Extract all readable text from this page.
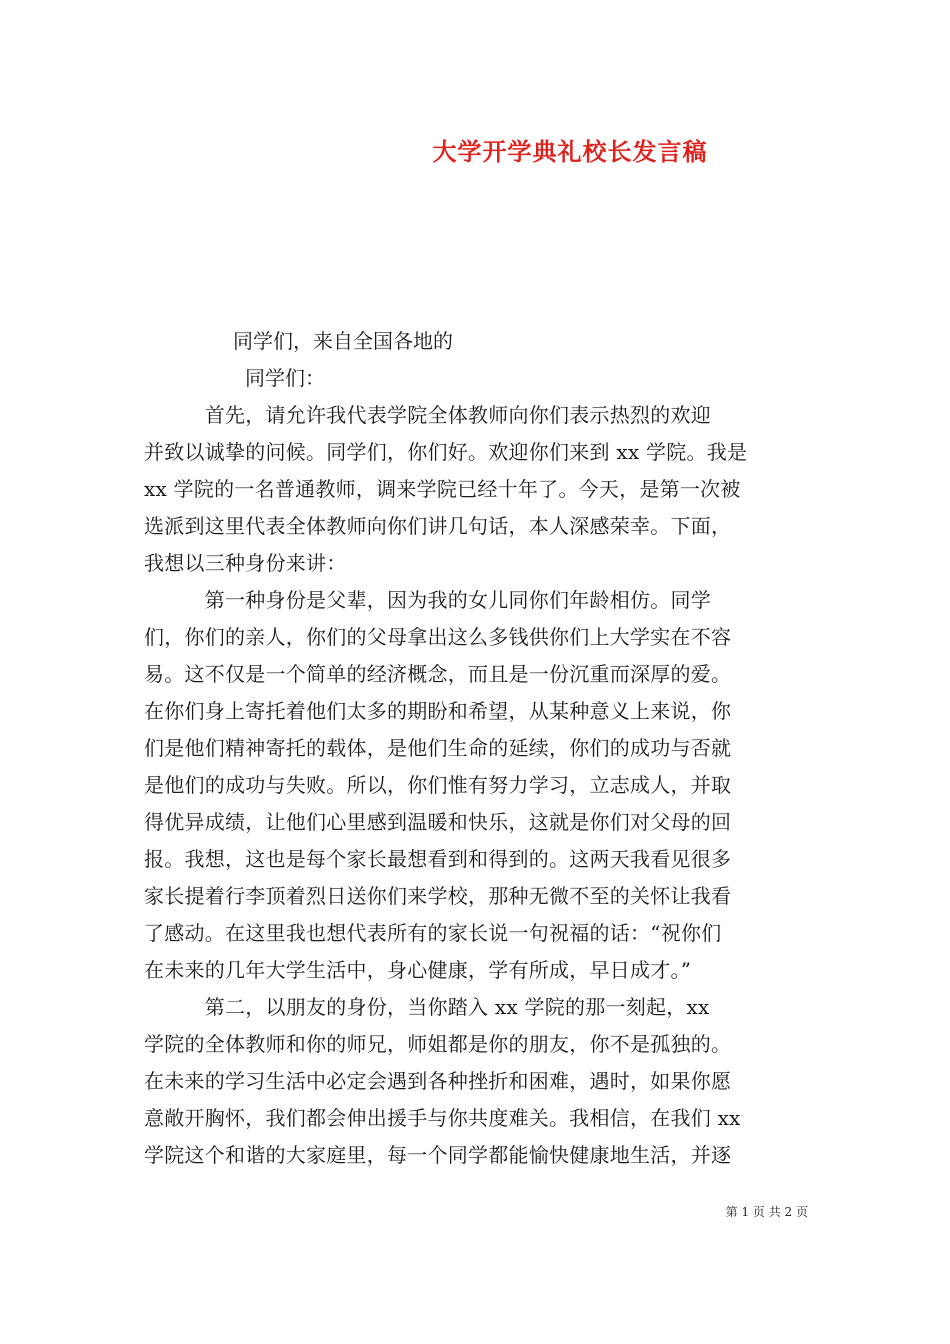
大学开学典礼校长发言稿
同学们，来自全国各地的
同学们：
　　　首先，请允许我代表学院全体教师向你们表示热烈的欢迎
并致以诚挚的问候。同学们，你们好。欢迎你们来到 xx 学院。我是
xx 学院的一名普通教师，调来学院已经十年了。今天，是第一次被
选派到这里代表全体教师向你们讲几句话，本人深感荣幸。下面，
我想以三种身份来讲：
　　　第一种身份是父辈，因为我的女儿同你们年龄相仿。同学
们，你们的亲人，你们的父母拿出这么多钱供你们上大学实在不容
易。这不仅是一个简单的经济概念，而且是一份沉重而深厚的爱。
在你们身上寄托着他们太多的期盼和希望，从某种意义上来说，你
们是他们精神寄托的载体，是他们生命的延续，你们的成功与否就
是他们的成功与失败。所以，你们惟有努力学习，立志成人，并取
得优异成绩，让他们心里感到温暖和快乐，这就是你们对父母的回
报。我想，这也是每个家长最想看到和得到的。这两天我看见很多
家长提着行李顶着烈日送你们来学校，那种无微不至的关怀让我看
了感动。在这里我也想代表所有的家长说一句祝福的话：“祝你们
在未来的几年大学生活中，身心健康，学有所成，早日成才。”
　　　第二，以朋友的身份，当你踏入 xx 学院的那一刻起，xx
学院的全体教师和你的师兄，师姐都是你的朋友，你不是孤独的。
在未来的学习生活中必定会遇到各种挫折和困难，遇时，如果你愿
意敞开胸怀，我们都会伸出援手与你共度难关。我相信，在我们 xx
学院这个和谐的大家庭里，每一个同学都能愉快健康地生活，并逐
第 1 页 共 2 页
